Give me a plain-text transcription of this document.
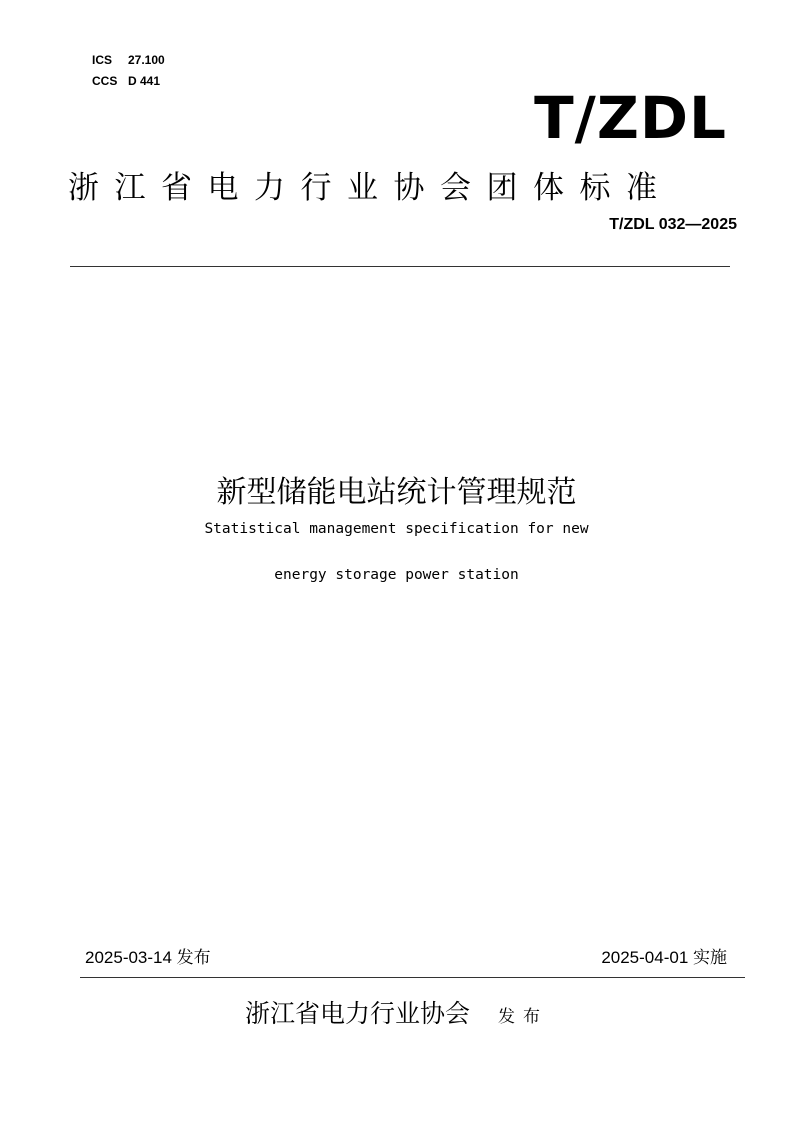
ICS 27.100
CCS D 441
T/ZDL
浙江省电力行业协会团体标准
T/ZDL 032—2025
新型储能电站统计管理规范
Statistical management specification for new
energy storage power station
2025-03-14 发布	2025-04-01 实施
浙江省电力行业协会 发布
